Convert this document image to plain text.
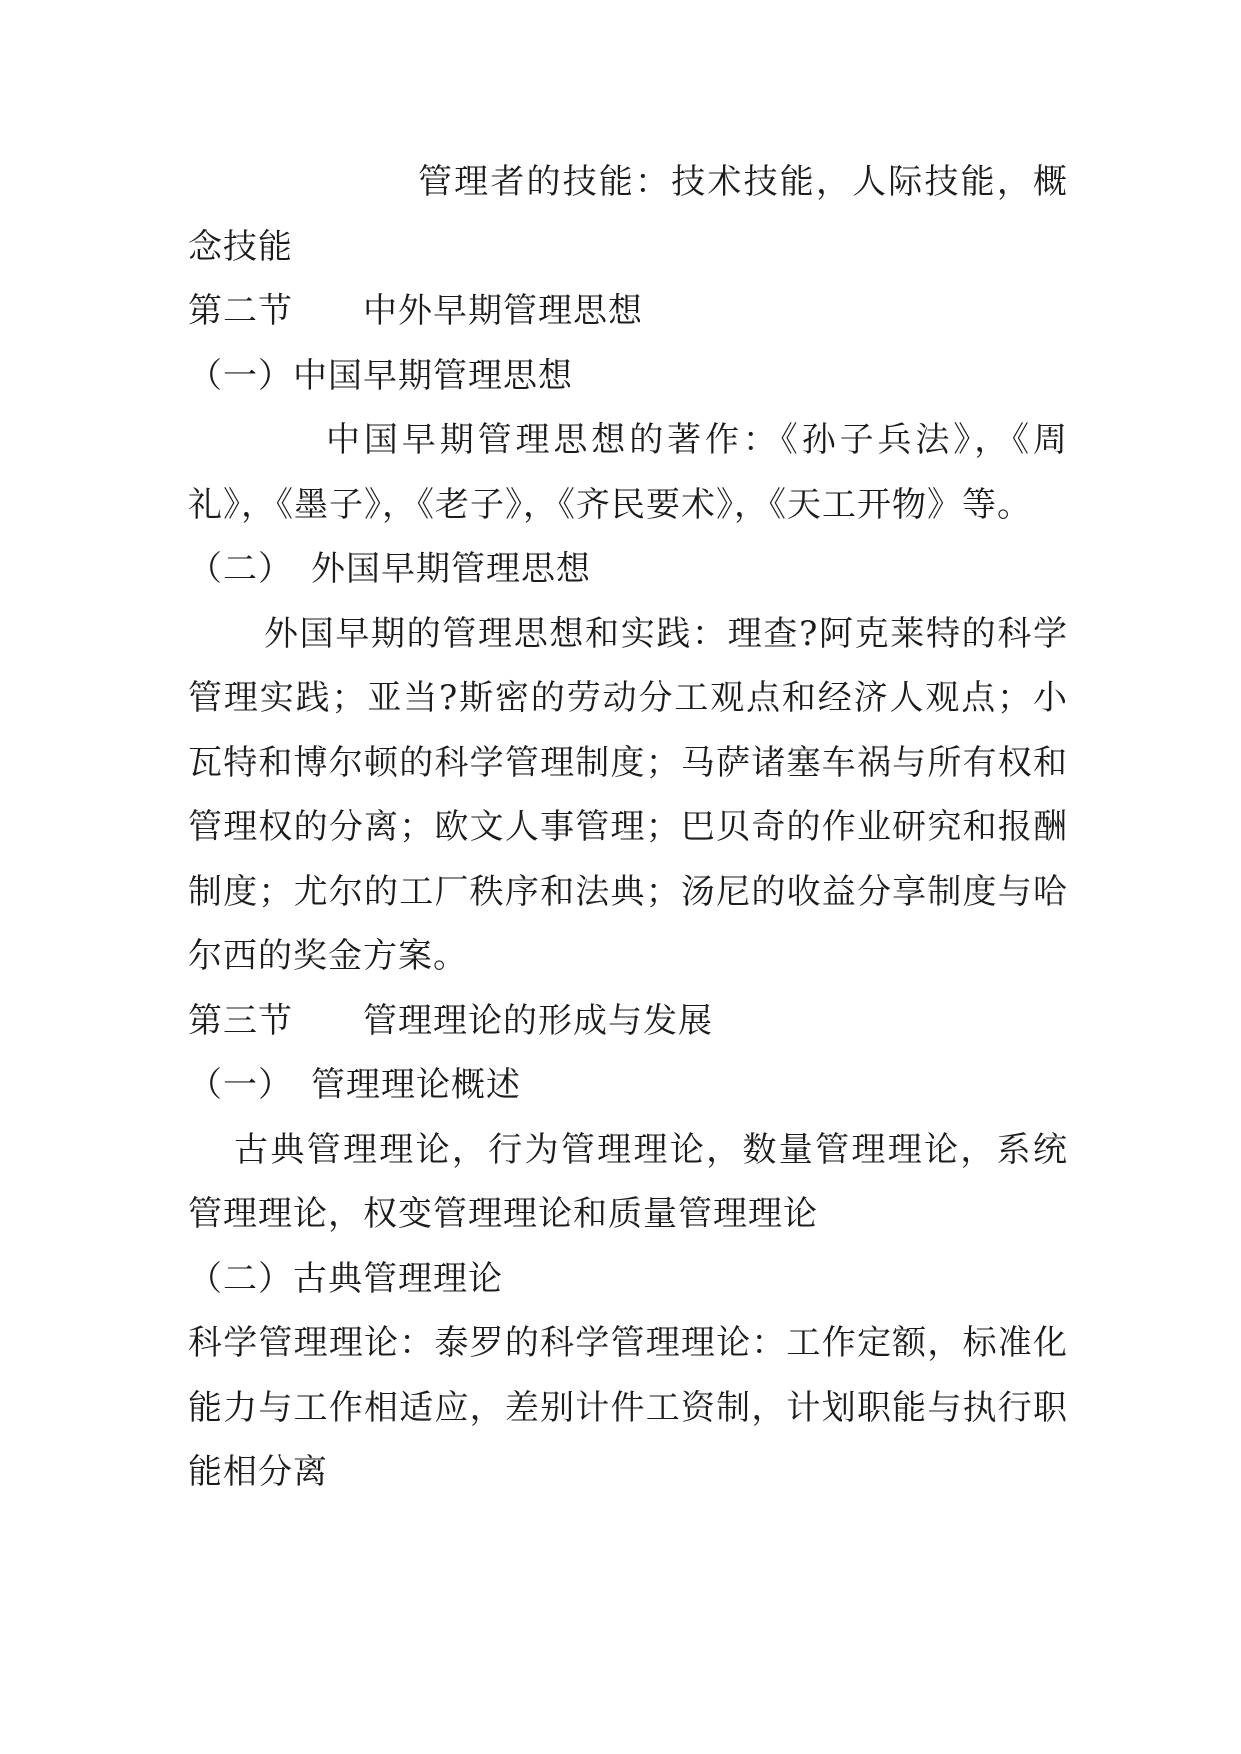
管理者的技能：技术技能，人际技能，概念技能

第二节　　中外早期管理思想

（一）中国早期管理思想

中国早期管理思想的著作：《孙子兵法》，《周礼》，《墨子》，《老子》，《齐民要术》，《天工开物》等。

（二）　外国早期管理思想

外国早期的管理思想和实践：理查?阿克莱特的科学管理实践；亚当?斯密的劳动分工观点和经济人观点；小瓦特和博尔顿的科学管理制度；马萨诸塞车祸与所有权和管理权的分离；欧文人事管理；巴贝奇的作业研究和报酬制度；尤尔的工厂秩序和法典；汤尼的收益分享制度与哈尔西的奖金方案。

第三节　　管理理论的形成与发展

（一）　管理理论概述

古典管理理论，行为管理理论，数量管理理论，系统管理理论，权变管理理论和质量管理理论

（二）古典管理理论

科学管理理论：泰罗的科学管理理论：工作定额，标准化能力与工作相适应，差别计件工资制，计划职能与执行职能相分离
